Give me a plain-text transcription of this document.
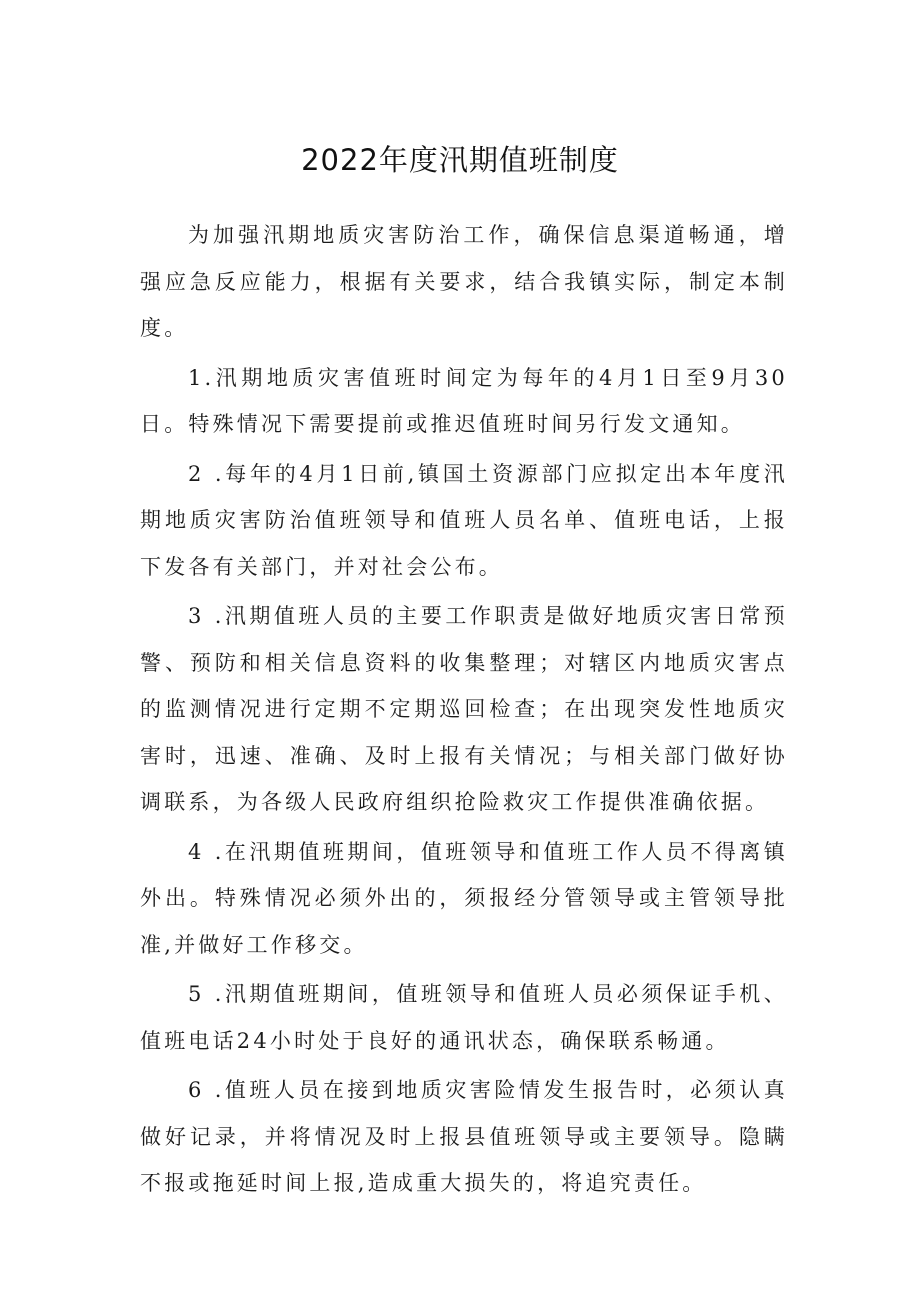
2022年度汛期值班制度

为加强汛期地质灾害防治工作，确保信息渠道畅通，增强应急反应能力，根据有关要求，结合我镇实际，制定本制度。

1.汛期地质灾害值班时间定为每年的4月1日至9月30日。特殊情况下需要提前或推迟值班时间另行发文通知。

2 .每年的4月1日前,镇国土资源部门应拟定出本年度汛期地质灾害防治值班领导和值班人员名单、值班电话，上报下发各有关部门，并对社会公布。

3 .汛期值班人员的主要工作职责是做好地质灾害日常预警、预防和相关信息资料的收集整理；对辖区内地质灾害点的监测情况进行定期不定期巡回检查；在出现突发性地质灾害时，迅速、准确、及时上报有关情况；与相关部门做好协调联系，为各级人民政府组织抢险救灾工作提供准确依据。

4 .在汛期值班期间，值班领导和值班工作人员不得离镇外出。特殊情况必须外出的，须报经分管领导或主管领导批准,并做好工作移交。

5 .汛期值班期间，值班领导和值班人员必须保证手机、值班电话24小时处于良好的通讯状态，确保联系畅通。

6 .值班人员在接到地质灾害险情发生报告时，必须认真做好记录，并将情况及时上报县值班领导或主要领导。隐瞒不报或拖延时间上报,造成重大损失的，将追究责任。
